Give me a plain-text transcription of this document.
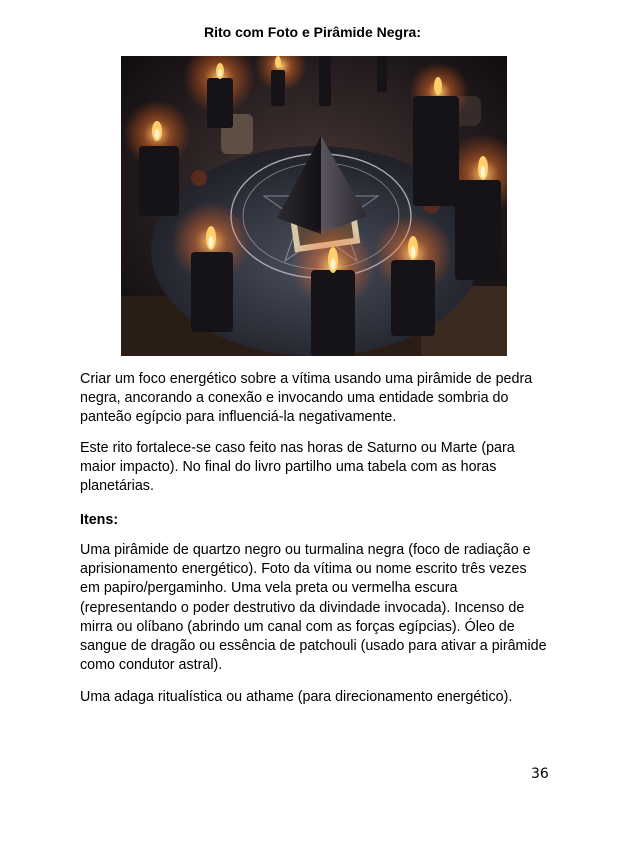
Rito com Foto e Pirâmide Negra:

Criar um foco energético sobre a vítima usando uma pirâmide de pedra negra, ancorando a conexão e invocando uma entidade sombria do panteão egípcio para influenciá-la negativamente.

Este rito fortalece-se caso feito nas horas de Saturno ou Marte (para maior impacto). No final do livro partilho uma tabela com as horas planetárias.

Itens:

Uma pirâmide de quartzo negro ou turmalina negra (foco de radiação e aprisionamento energético). Foto da vítima ou nome escrito três vezes em papiro/pergaminho. Uma vela preta ou vermelha escura (representando o poder destrutivo da divindade invocada). Incenso de mirra ou olíbano (abrindo um canal com as forças egípcias). Óleo de sangue de dragão ou essência de patchouli (usado para ativar a pirâmide como condutor astral).

Uma adaga ritualística ou athame (para direcionamento energético).

36
